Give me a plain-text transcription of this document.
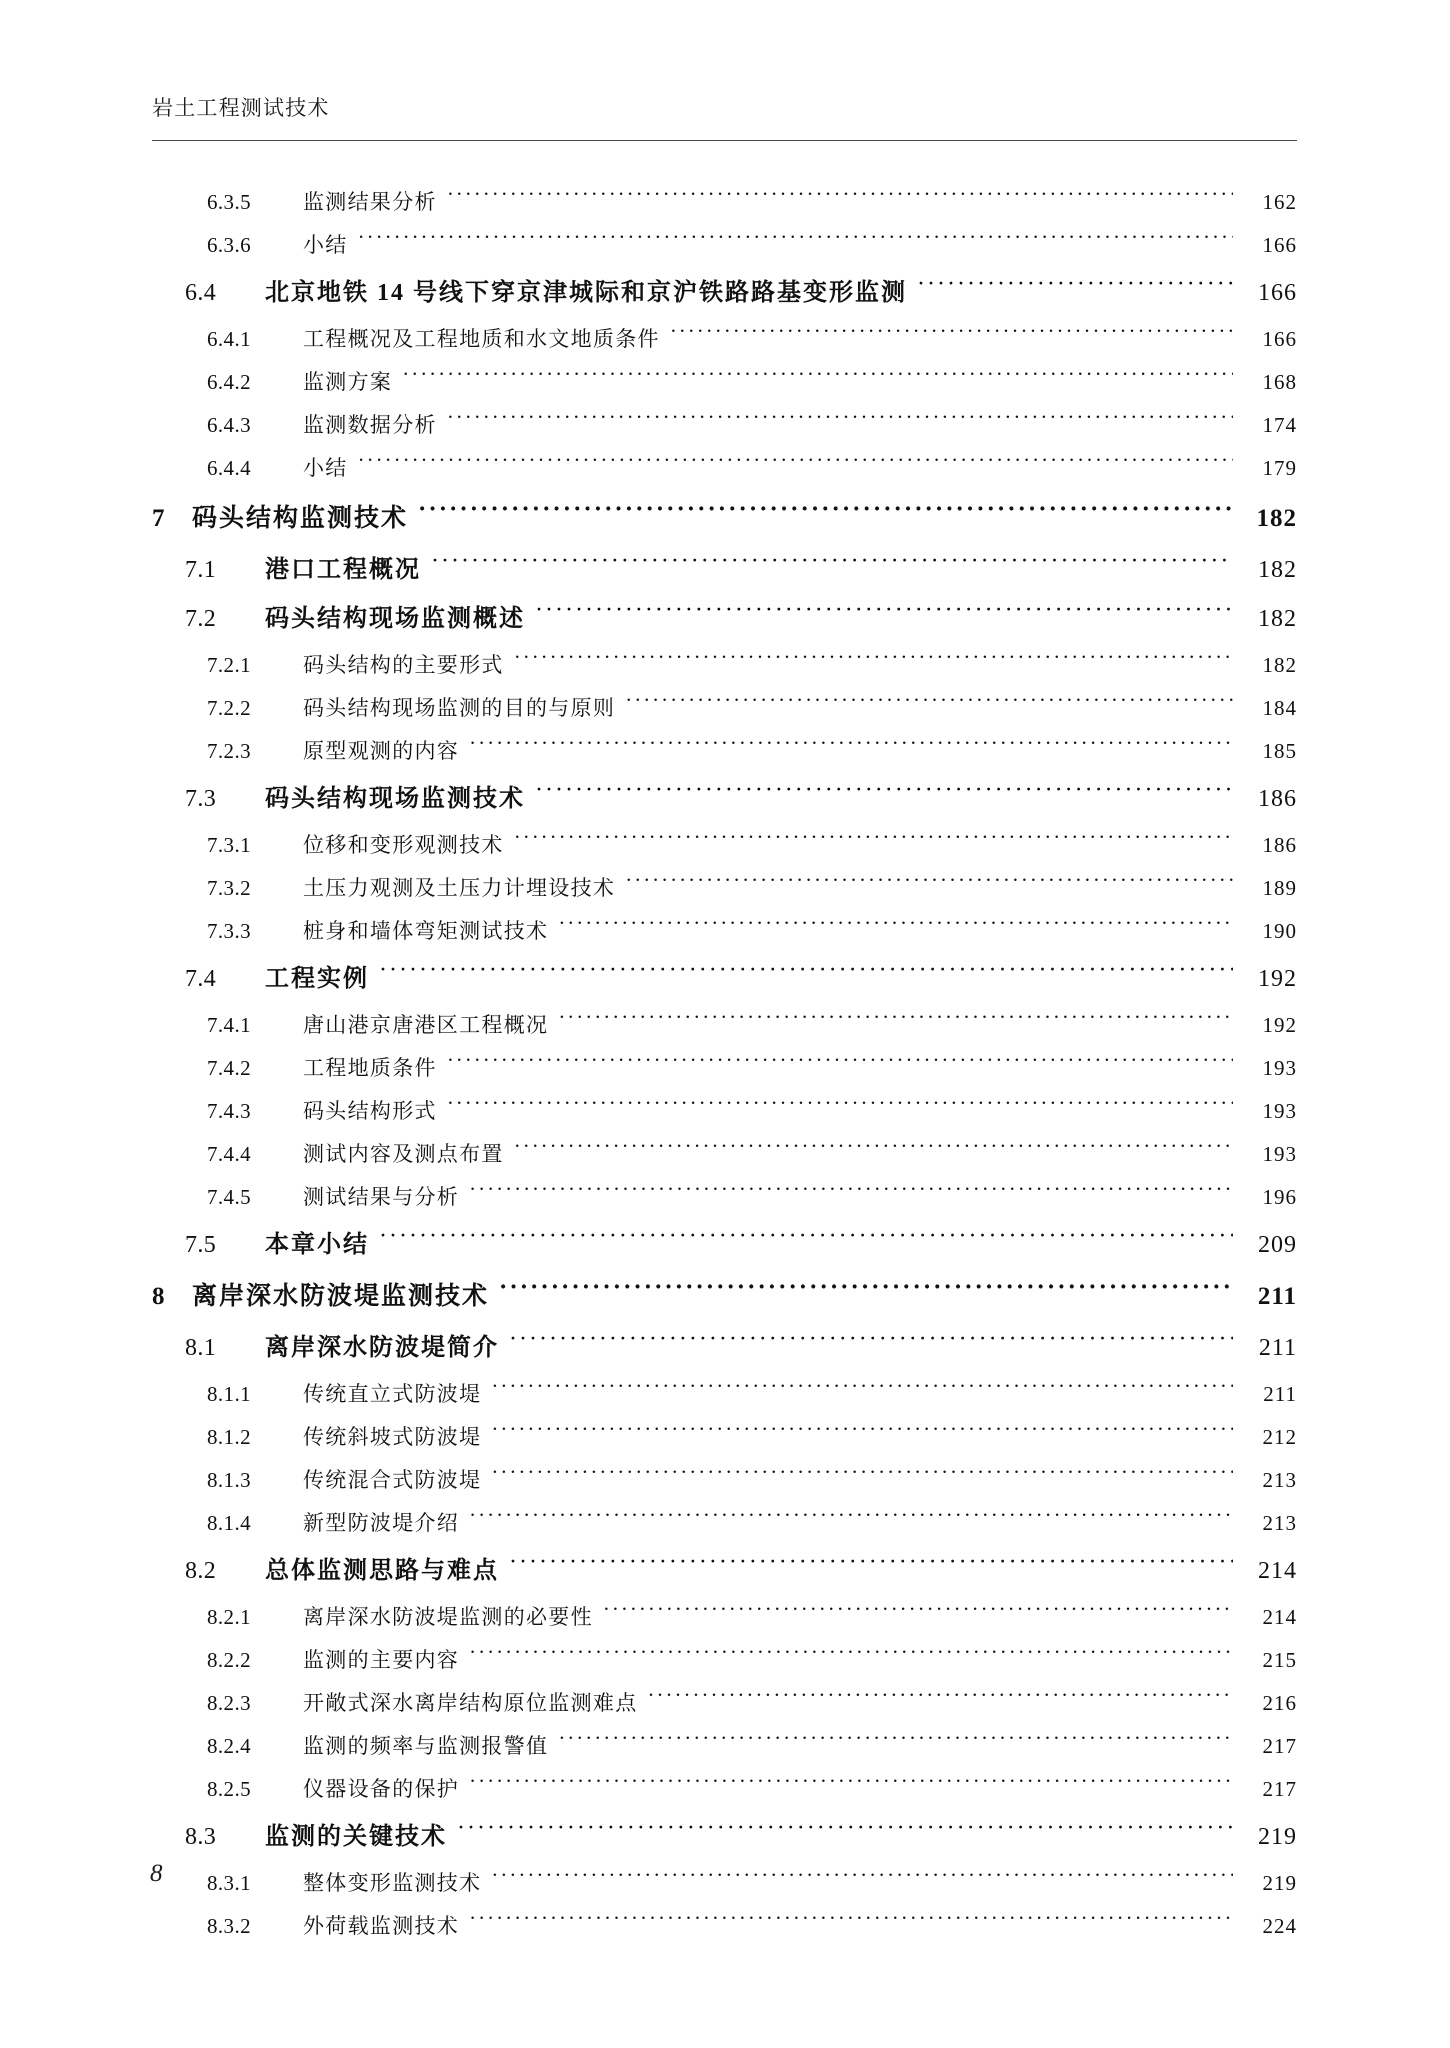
岩土工程测试技术
6.3.5	监测结果分析 ·····	162
6.3.6	小结 ·····	166
6.4	北京地铁 14 号线下穿京津城际和京沪铁路路基变形监测 ·····	166
6.4.1	工程概况及工程地质和水文地质条件 ·····	166
6.4.2	监测方案 ·····	168
6.4.3	监测数据分析 ·····	174
6.4.4	小结 ·····	179
7	码头结构监测技术 ·····	182
7.1	港口工程概况 ·····	182
7.2	码头结构现场监测概述 ·····	182
7.2.1	码头结构的主要形式 ·····	182
7.2.2	码头结构现场监测的目的与原则 ·····	184
7.2.3	原型观测的内容 ·····	185
7.3	码头结构现场监测技术 ·····	186
7.3.1	位移和变形观测技术 ·····	186
7.3.2	土压力观测及土压力计埋设技术 ·····	189
7.3.3	桩身和墙体弯矩测试技术 ·····	190
7.4	工程实例 ·····	192
7.4.1	唐山港京唐港区工程概况 ·····	192
7.4.2	工程地质条件 ·····	193
7.4.3	码头结构形式 ·····	193
7.4.4	测试内容及测点布置 ·····	193
7.4.5	测试结果与分析 ·····	196
7.5	本章小结 ·····	209
8	离岸深水防波堤监测技术 ·····	211
8.1	离岸深水防波堤简介 ·····	211
8.1.1	传统直立式防波堤 ·····	211
8.1.2	传统斜坡式防波堤 ·····	212
8.1.3	传统混合式防波堤 ·····	213
8.1.4	新型防波堤介绍 ·····	213
8.2	总体监测思路与难点 ·····	214
8.2.1	离岸深水防波堤监测的必要性 ·····	214
8.2.2	监测的主要内容 ·····	215
8.2.3	开敞式深水离岸结构原位监测难点 ·····	216
8.2.4	监测的频率与监测报警值 ·····	217
8.2.5	仪器设备的保护 ·····	217
8.3	监测的关键技术 ·····	219
8.3.1	整体变形监测技术 ·····	219
8.3.2	外荷载监测技术 ·····	224
8
